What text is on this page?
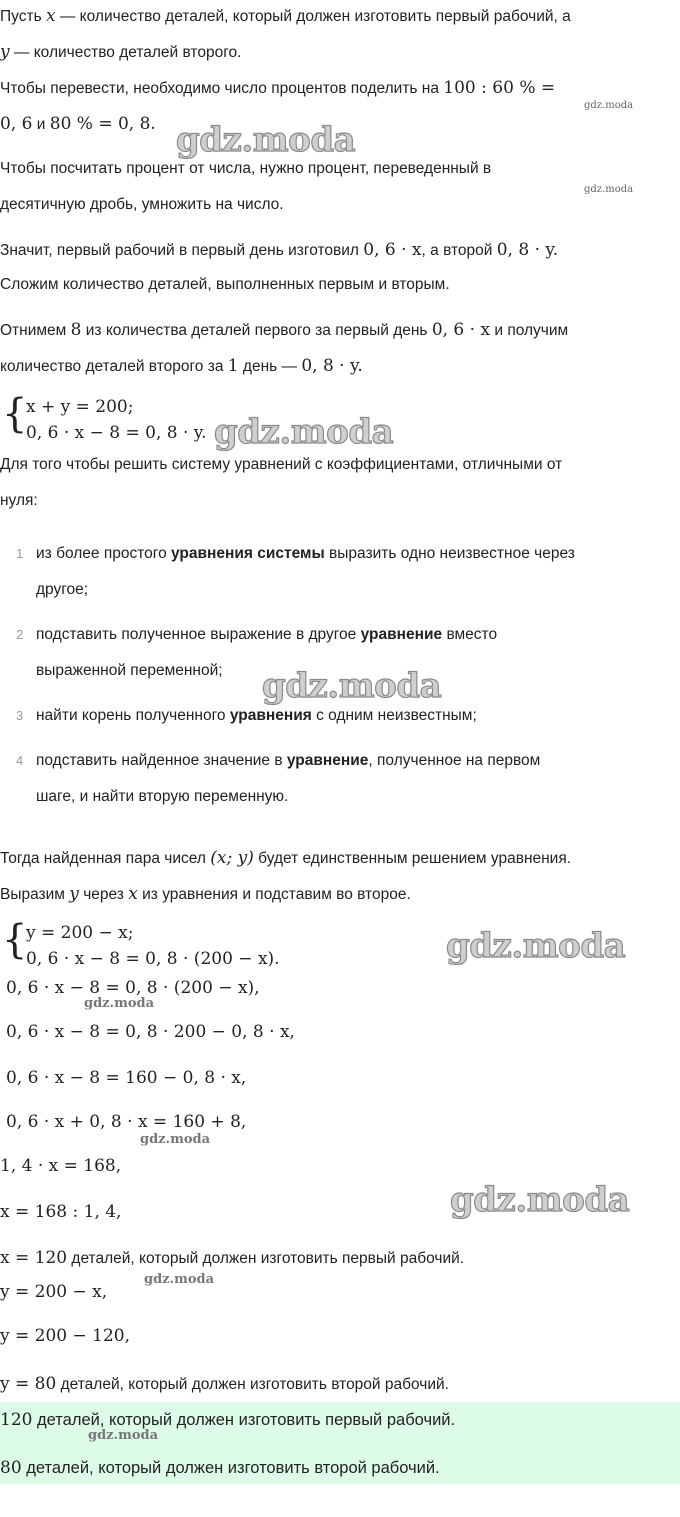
Пусть x — количество деталей, который должен изготовить первый рабочий, а
y — количество деталей второго.
Чтобы перевести, необходимо число процентов поделить на 100 : 60 % =
0, 6 и 80 % = 0, 8.
Чтобы посчитать процент от числа, нужно процент, переведенный в
десятичную дробь, умножить на число.
Значит, первый рабочий в первый день изготовил 0, 6 · x, а второй 0, 8 · y.
Сложим количество деталей, выполненных первым и вторым.
Отнимем 8 из количества деталей первого за первый день 0, 6 · x и получим
количество деталей второго за 1 день — 0, 8 · y.
{
x + y = 200;
0, 6 · x − 8 = 0, 8 · y.
Для того чтобы решить систему уравнений с коэффициентами, отличными от
нуля:
1 из более простого уравнения системы выразить одно неизвестное через
другое;
2 подставить полученное выражение в другое уравнение вместо
выраженной переменной;
3 найти корень полученного уравнения с одним неизвестным;
4 подставить найденное значение в уравнение, полученное на первом
шаге, и найти вторую переменную.
Тогда найденная пара чисел (x; y) будет единственным решением уравнения.
Выразим y через x из уравнения и подставим во второе.
{
y = 200 − x;
0, 6 · x − 8 = 0, 8 · (200 − x).
0, 6 · x − 8 = 0, 8 · (200 − x),
0, 6 · x − 8 = 0, 8 · 200 − 0, 8 · x,
0, 6 · x − 8 = 160 − 0, 8 · x,
0, 6 · x + 0, 8 · x = 160 + 8,
1, 4 · x = 168,
x = 168 : 1, 4,
x = 120 деталей, который должен изготовить первый рабочий.
y = 200 − x,
y = 200 − 120,
y = 80 деталей, который должен изготовить второй рабочий.
120 деталей, который должен изготовить первый рабочий.
80 деталей, который должен изготовить второй рабочий.
gdz.moda
gdz.moda
gdz.moda
gdz.moda
gdz.moda
gdz.moda
gdz.moda
gdz.moda
gdz.moda
gdz.moda
gdz.moda
